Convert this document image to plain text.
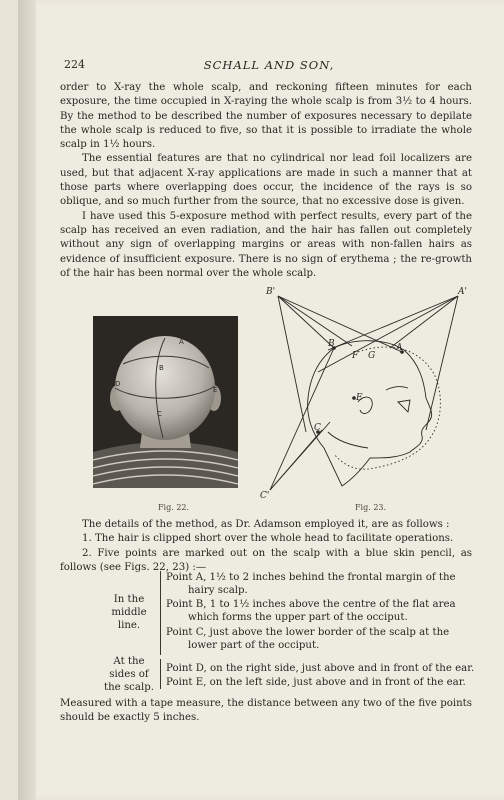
224	SCHALL AND SON,

order to X-ray the whole scalp, and reckoning fifteen minutes for each exposure, the time occupied in X-raying the whole scalp is from 3½ to 4 hours. By the method to be described the number of exposures necessary to depilate the whole scalp is reduced to five, so that it is possible to irradiate the whole scalp in 1½ hours.

The essential features are that no cylindrical nor lead foil localizers are used, but that adjacent X-ray applications are made in such a manner that at those parts where overlapping does occur, the incidence of the rays is so oblique, and so much further from the source, that no excessive dose is given.

I have used this 5-exposure method with perfect results, every part of the scalp has received an even radiation, and the hair has fallen out completely without any sign of overlapping margins or areas with non-fallen hairs as evidence of insufficient exposure. There is no sign of erythema ; the re-growth of the hair has been normal over the whole scalp.

A
B
D
E
C
Fig. 22.
B'	A'
B
F G
A
E
C
C'
Fig. 23.

The details of the method, as Dr. Adamson employed it, are as follows :

1. The hair is clipped short over the whole head to facilitate operations.

2. Five points are marked out on the scalp with a blue skin pencil, as follows (see Figs. 22, 23) :—

In the middle line.
Point A, 1½ to 2 inches behind the frontal margin of the hairy scalp.
Point B, 1 to 1½ inches above the centre of the flat area which forms the upper part of the occiput.
Point C, just above the lower border of the scalp at the lower part of the occiput.
At the sides of the scalp.
Point D, on the right side, just above and in front of the ear.
Point E, on the left side, just above and in front of the ear.

Measured with a tape measure, the distance between any two of the five points should be exactly 5 inches.
